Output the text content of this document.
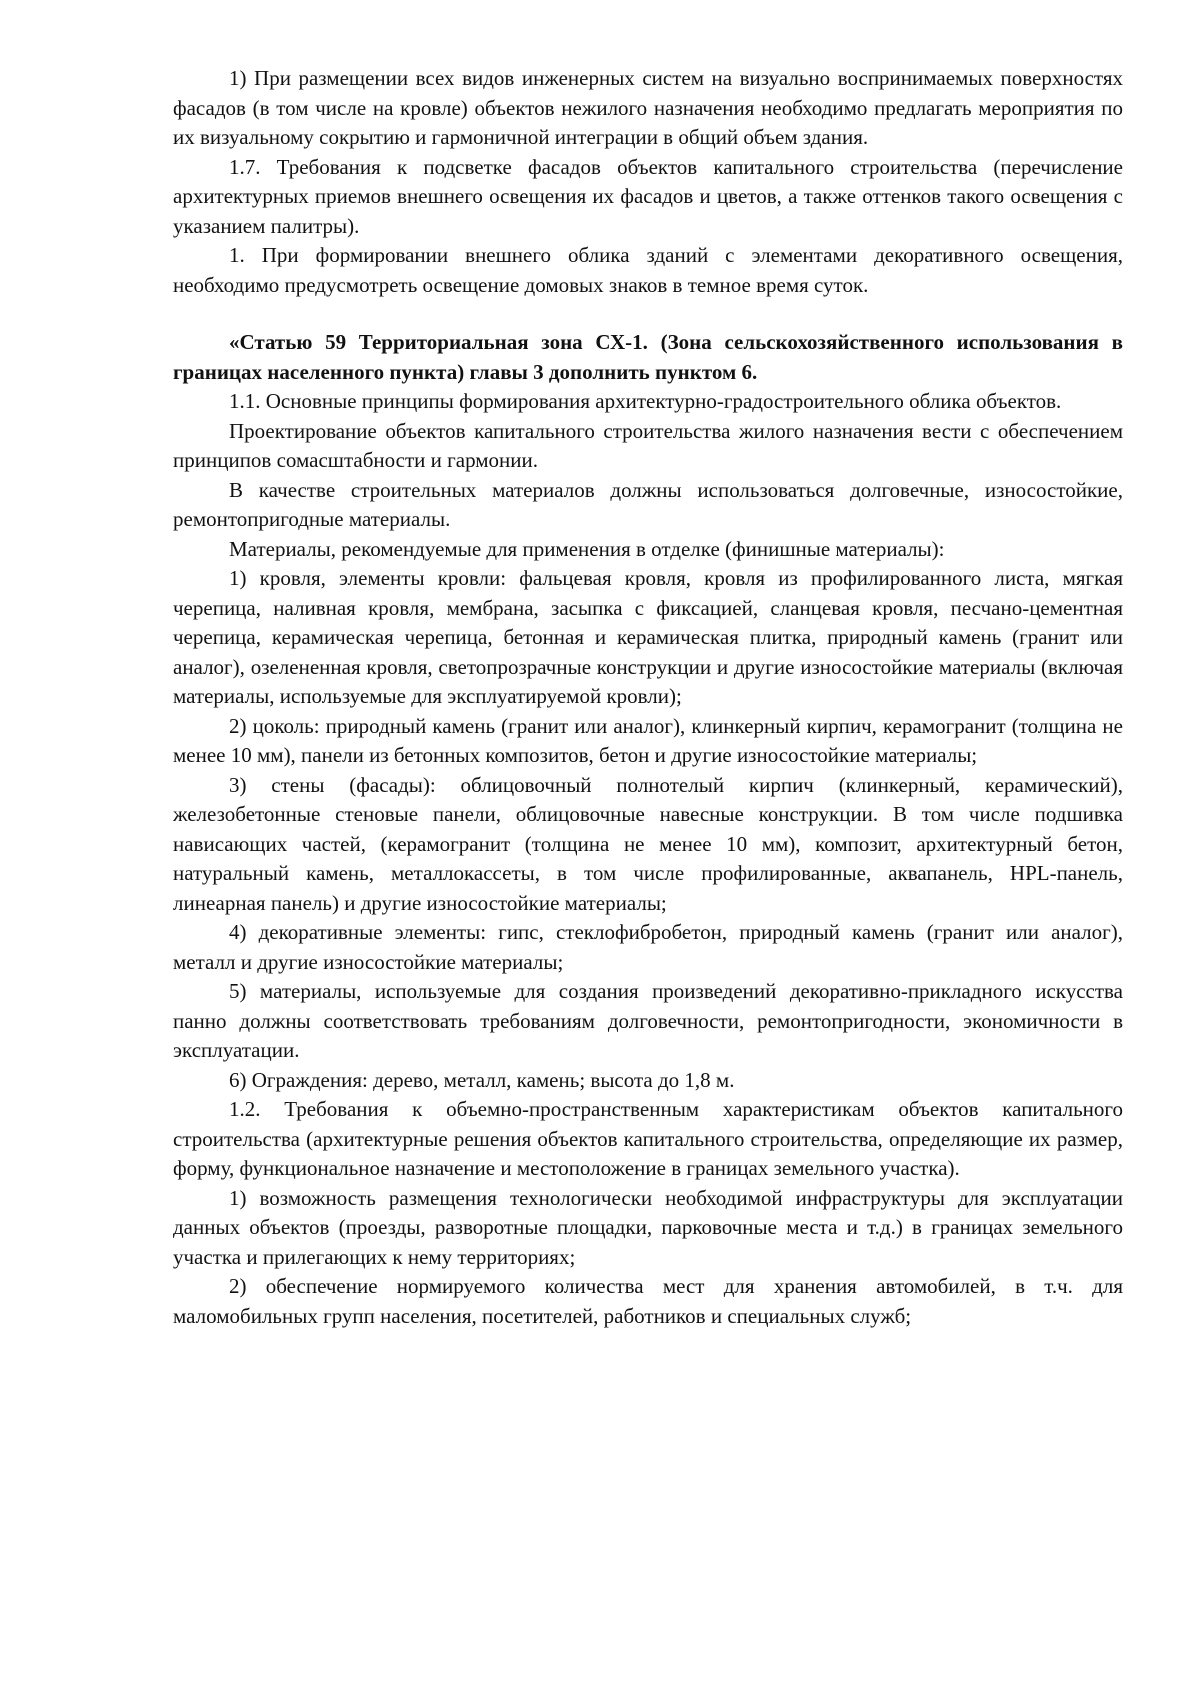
1) При размещении всех видов инженерных систем на визуально воспринимаемых поверхностях фасадов (в том числе на кровле) объектов нежилого назначения необходимо предлагать мероприятия по их визуальному сокрытию и гармоничной интеграции в общий объем здания.

1.7. Требования к подсветке фасадов объектов капитального строительства (перечисление архитектурных приемов внешнего освещения их фасадов и цветов, а также оттенков такого освещения с указанием палитры).

1. При формировании внешнего облика зданий с элементами декоративного освещения, необходимо предусмотреть освещение домовых знаков в темное время суток.

«Статью 59 Территориальная зона СХ-1. (Зона сельскохозяйственного использования в границах населенного пункта) главы 3 дополнить пунктом 6.

1.1. Основные принципы формирования архитектурно-градостроительного облика объектов.

Проектирование объектов капитального строительства жилого назначения вести с обеспечением принципов сомасштабности и гармонии.

В качестве строительных материалов должны использоваться долговечные, износостойкие, ремонтопригодные материалы.

Материалы, рекомендуемые для применения в отделке (финишные материалы):

1) кровля, элементы кровли: фальцевая кровля, кровля из профилированного листа, мягкая черепица, наливная кровля, мембрана, засыпка с фиксацией, сланцевая кровля, песчано-цементная черепица, керамическая черепица, бетонная и керамическая плитка, природный камень (гранит или аналог), озелененная кровля, светопрозрачные конструкции и другие износостойкие материалы (включая материалы, используемые для эксплуатируемой кровли);

2) цоколь: природный камень (гранит или аналог), клинкерный кирпич, керамогранит (толщина не менее 10 мм), панели из бетонных композитов, бетон и другие износостойкие материалы;

3) стены (фасады): облицовочный полнотелый кирпич (клинкерный, керамический), железобетонные стеновые панели, облицовочные навесные конструкции. В том числе подшивка нависающих частей, (керамогранит (толщина не менее 10 мм), композит, архитектурный бетон, натуральный камень, металлокассеты, в том числе профилированные, аквапанель, HPL-панель, линеарная панель) и другие износостойкие материалы;

4) декоративные элементы: гипс, стеклофибробетон, природный камень (гранит или аналог), металл и другие износостойкие материалы;

5) материалы, используемые для создания произведений декоративно-прикладного искусства панно должны соответствовать требованиям долговечности, ремонтопригодности, экономичности в эксплуатации.

6) Ограждения: дерево, металл, камень; высота до 1,8 м.

1.2. Требования к объемно-пространственным характеристикам объектов капитального строительства (архитектурные решения объектов капитального строительства, определяющие их размер, форму, функциональное назначение и местоположение в границах земельного участка).

1) возможность размещения технологически необходимой инфраструктуры для эксплуатации данных объектов (проезды, разворотные площадки, парковочные места и т.д.) в границах земельного участка и прилегающих к нему территориях;

2) обеспечение нормируемого количества мест для хранения автомобилей, в т.ч. для маломобильных групп населения, посетителей, работников и специальных служб;
